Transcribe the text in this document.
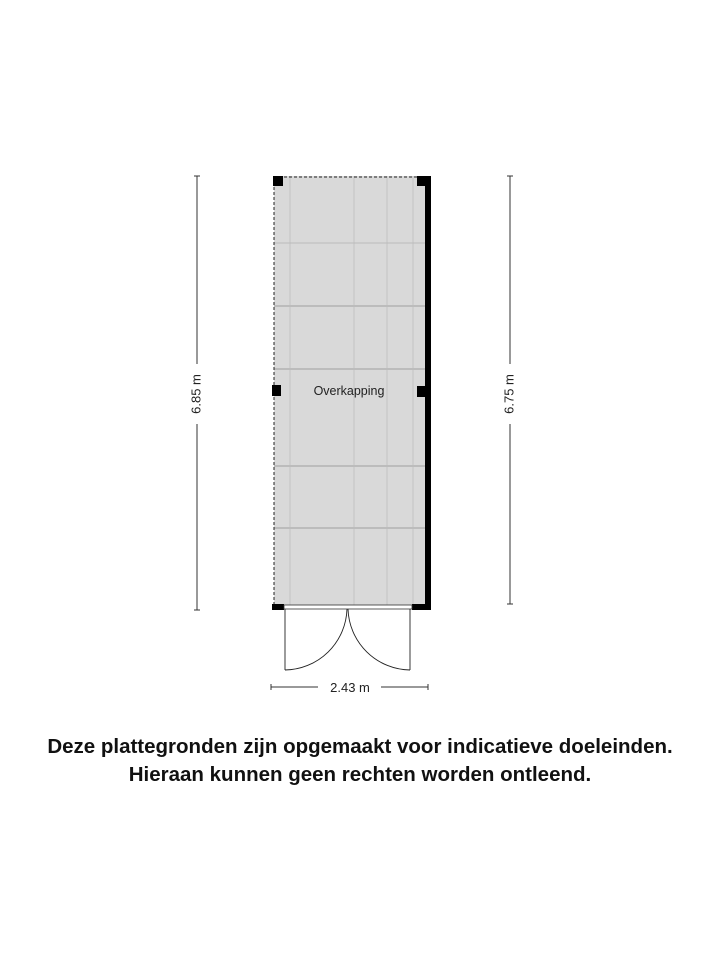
Overkapping
6.85 m	6.75 m
2.43 m
Deze plattegronden zijn opgemaakt voor indicatieve doeleinden.
Hieraan kunnen geen rechten worden ontleend.
